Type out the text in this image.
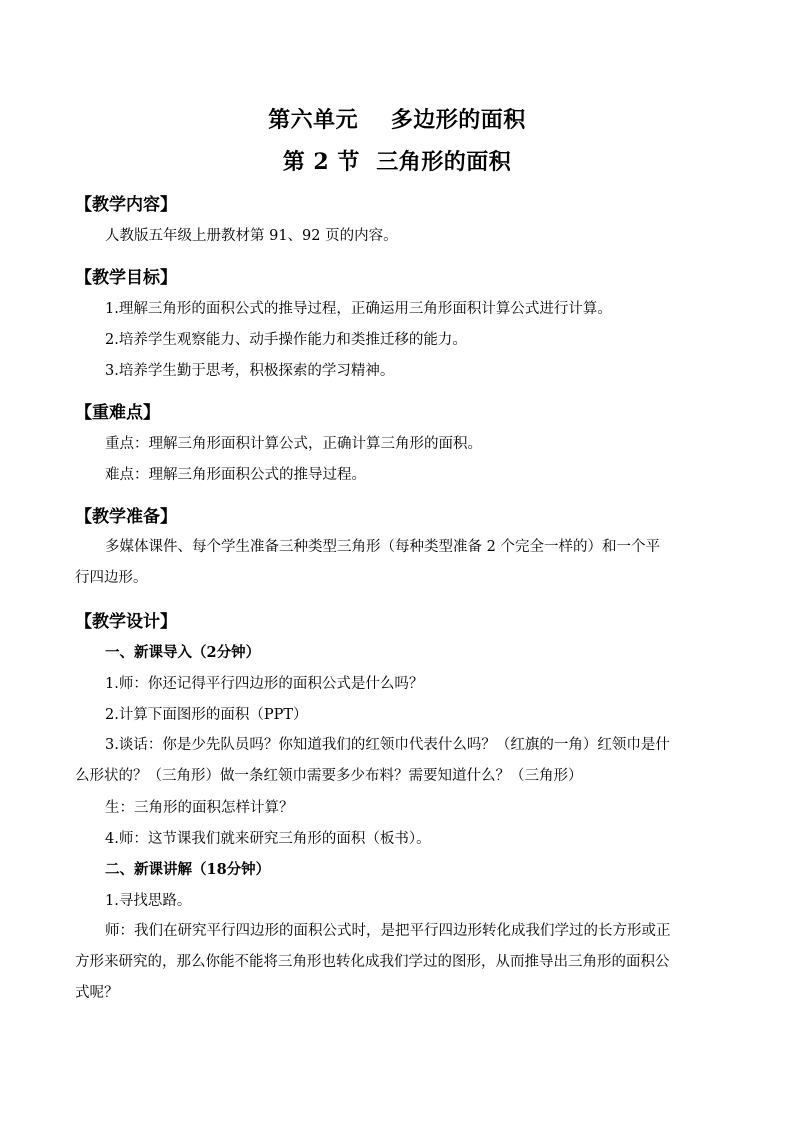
第六单元    多边形的面积
第 2 节  三角形的面积
【教学内容】
人教版五年级上册教材第 91、92 页的内容。
【教学目标】
1.理解三角形的面积公式的推导过程，正确运用三角形面积计算公式进行计算。
2.培养学生观察能力、动手操作能力和类推迁移的能力。
3.培养学生勤于思考，积极探索的学习精神。
【重难点】
重点：理解三角形面积计算公式，正确计算三角形的面积。
难点：理解三角形面积公式的推导过程。
【教学准备】
多媒体课件、每个学生准备三种类型三角形（每种类型准备 2 个完全一样的）和一个平行四边形。
【教学设计】
一、新课导入（2分钟）
1.师：你还记得平行四边形的面积公式是什么吗？
2.计算下面图形的面积（PPT）
3.谈话：你是少先队员吗？你知道我们的红领巾代表什么吗？（红旗的一角）红领巾是什么形状的？（三角形）做一条红领巾需要多少布料？需要知道什么？（三角形）
生：三角形的面积怎样计算？
4.师：这节课我们就来研究三角形的面积（板书）。
二、新课讲解（18分钟）
1.寻找思路。
师：我们在研究平行四边形的面积公式时，是把平行四边形转化成我们学过的长方形或正方形来研究的，那么你能不能将三角形也转化成我们学过的图形，从而推导出三角形的面积公式呢？
